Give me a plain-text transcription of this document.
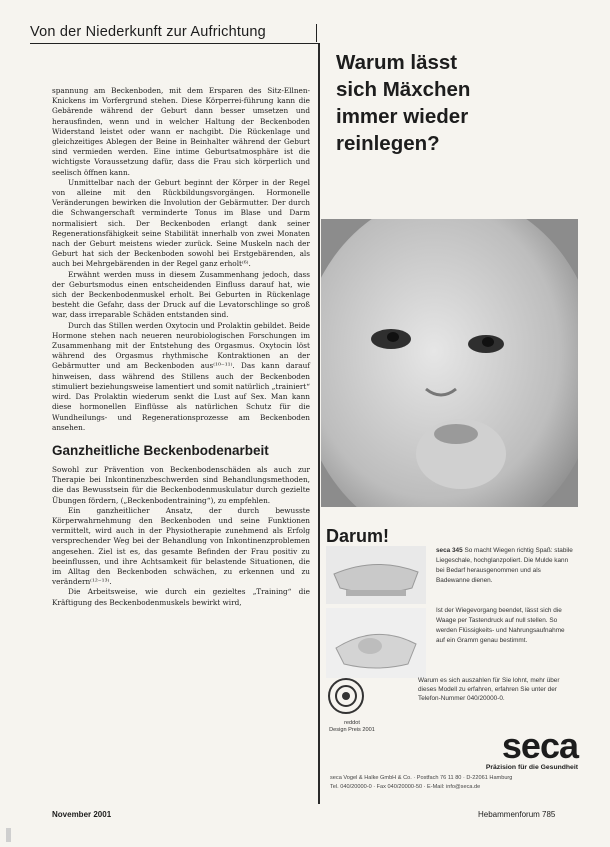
Von der Niederkunft zur Aufrichtung

spannung am Beckenboden, mit dem Ersparen des Sitz-Ellnen-Knickens im Vorfergrund stehen. Diese Körperrei-führung kann die Gebärende während der Geburt dann besser umsetzen und herausfinden, wenn und in welcher Haltung der Beckenboden Widerstand leistet oder wann er nachgibt. Die Rückenlage und gleichzeitiges Ablegen der Beine in Beinhalter während der Geburt sind vermieden werden. Eine intime Geburtsatmosphäre ist die wichtigste Voraussetzung dafür, dass die Frau sich körperlich und seelisch öffnen kann.

Unmittelbar nach der Geburt beginnt der Körper in der Regel von alleine mit den Rückbildungsvorgängen. Hormonelle Veränderungen bewirken die Involution der Gebärmutter. Der durch die Schwangerschaft verminderte Tonus im Blase und Darm normalisiert sich. Der Beckenboden erlangt dank seiner Regenerationsfähigkeit seine Stabilität innerhalb von zwei Monaten nach der Geburt meistens wieder zurück. Seine Muskeln nach der Geburt hat sich der Beckenboden sowohl bei Erstgebärenden, als auch bei Mehrgebärenden in der Regel ganz erholt⁽⁶⁾.

Erwähnt werden muss in diesem Zusammenhang jedoch, dass der Geburtsmodus einen entscheidenden Einfluss darauf hat, wie sich der Beckenbodenmuskel erholt. Bei Geburten in Rückenlage besteht die Gefahr, dass der Druck auf die Levatorschlinge so groß war, dass irreparable Schäden entstanden sind.

Durch das Stillen werden Oxytocin und Prolaktin gebildet. Beide Hormone stehen nach neueren neurobiologischen Forschungen im Zusammenhang mit der Entstehung des Orgasmus. Oxytocin löst während des Orgasmus rhythmische Kontraktionen an der Gebärmutter und am Beckenboden aus⁽¹⁰⁻¹¹⁾. Das kann darauf hinweisen, dass während des Stillens auch der Beckenboden stimuliert beziehungsweise lamentiert und somit natürlich „trainiert“ wird. Das Prolaktin wiederum senkt die Lust auf Sex. Man kann diese hormonellen Einflüsse als natürlichen Schutz für die Wundheilungs- und Regenerationsprozesse am Beckenboden ansehen.

Ganzheitliche Beckenbodenarbeit

Sowohl zur Prävention von Beckenbodenschäden als auch zur Therapie bei Inkontinenzbeschwerden sind Behandlungsmethoden, die das Bewusstsein für die Beckenbodenmuskulatur durch gezielte Übungen fördern, („Beckenbodentraining“), zu empfehlen.

Ein ganzheitlicher Ansatz, der durch bewusste Körperwahrnehmung den Beckenboden und seine Funktionen vermittelt, wird auch in der Physiotherapie zunehmend als Erfolg versprechender Weg bei der Behandlung von Inkontinenzproblemen angesehen. Ziel ist es, das gesamte Befinden der Frau positiv zu beeinflussen, und ihre Achtsamkeit für belastende Situationen, die im Alltag den Beckenboden schwächen, zu erkennen und zu verändern⁽¹²⁻¹³⁾.

Die Arbeitsweise, wie durch ein gezieltes „Training“ die Kräftigung des Beckenbodenmuskels bewirkt wird,

November 2001	Hebammenforum 785
Warum lässt
sich Mäxchen
immer wieder
reinlegen?
Darum!
seca 345 So macht Wiegen richtig Spaß: stabile Liegeschale, hochglanzpoliert. Die Mulde kann bei Bedarf herausgenommen und als Badewanne dienen.
Ist der Wiegevorgang beendet, lässt sich die Waage per Tastendruck auf null stellen. So werden Flüssigkeits- und Nahrungsaufnahme auf ein Gramm genau bestimmt.
reddot
Design Preis 2001
Warum es sich auszahlen für Sie lohnt, mehr über dieses Modell zu erfahren, erfahren Sie unter der Telefon-Nummer 040/20000-0.
seca
Präzision für die Gesundheit
seca Vogel & Halke GmbH & Co. · Postfach 76 11 80 · D-22061 Hamburg
Tel. 040/20000-0 · Fax 040/20000-50 · E-Mail: info@seca.de
